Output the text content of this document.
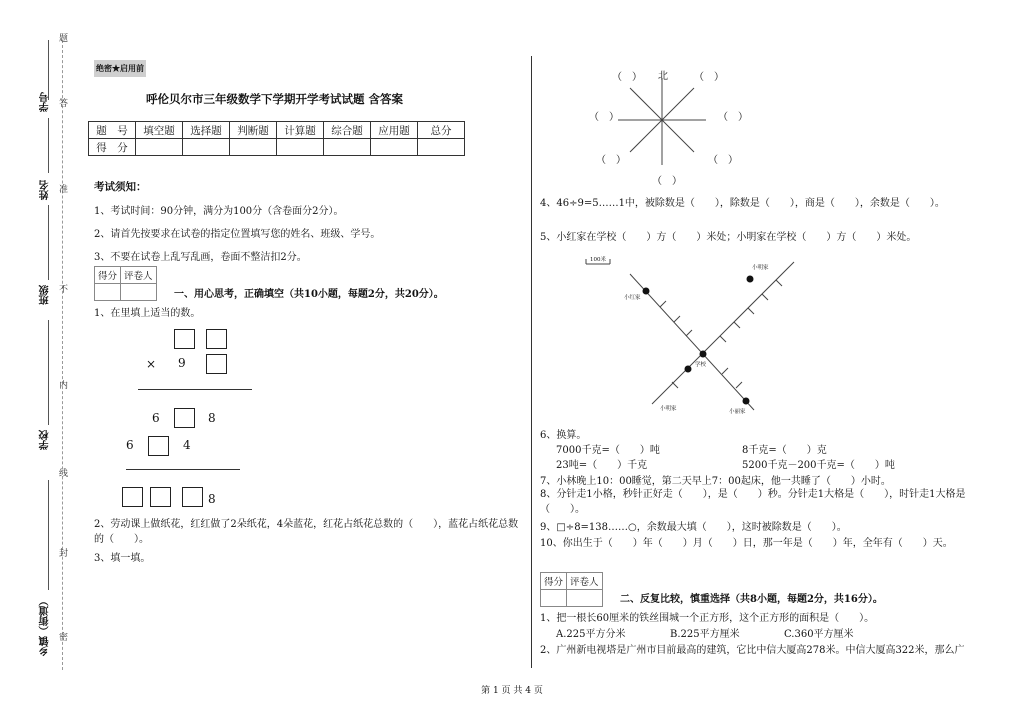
题
学号 答
姓名 准
班级 不
内
学校
线
封
乡镇（街道） 密
绝密★启用前
呼伦贝尔市三年级数学下学期开学考试试题 含答案
题　号	填空题	选择题	判断题	计算题	综合题	应用题	总分
得　分							
考试须知：
1、考试时间：90分钟，满分为100分（含卷面分2分）。
2、请首先按要求在试卷的指定位置填写您的姓名、班级、学号。
3、不要在试卷上乱写乱画，卷面不整洁扣2分。
得分	评卷人

一、用心思考，正确填空（共10小题，每题2分，共20分）。
1、在里填上适当的数。
× 9
6	8
6	4
8
2、劳动课上做纸花，红红做了2朵纸花，4朵蓝花，红花占纸花总数的（　　），蓝花占纸花总数的（　　）。
3、填一填。
（　） 北	（　）
（　）	（　）
（　）	（　）
（　）
4、46÷9=5……1中，被除数是（　　），除数是（　　），商是（　　），余数是（　　）。
5、小红家在学校（　　）方（　　）米处；小明家在学校（　　）方（　　）米处。
100米
小红家
小明家
学校
小明家	小丽家
6、换算。
7000千克=（　　）吨	8千克=（　　）克
23吨=（　　）千克	5200千克－200千克=（　　）吨
7、小林晚上10：00睡觉，第二天早上7：00起床，他一共睡了（　　）小时。
8、分针走1小格，秒针正好走（　　），是（　　）秒。分针走1大格是（　　），时针走1大格是（　　）。
9、□÷8=138……○，余数最大填（　　），这时被除数是（　　）。
10、你出生于（　　）年（　　）月（　　）日，那一年是（　　）年，全年有（　　）天。
得分	评卷人

二、反复比较，慎重选择（共8小题，每题2分，共16分）。
1、把一根长60厘米的铁丝围城一个正方形，这个正方形的面积是（　　）。
A.225平方分米	B.225平方厘米	C.360平方厘米
2、广州新电视塔是广州市目前最高的建筑，它比中信大厦高278米。中信大厦高322米，那么广
第 1 页 共 4 页
